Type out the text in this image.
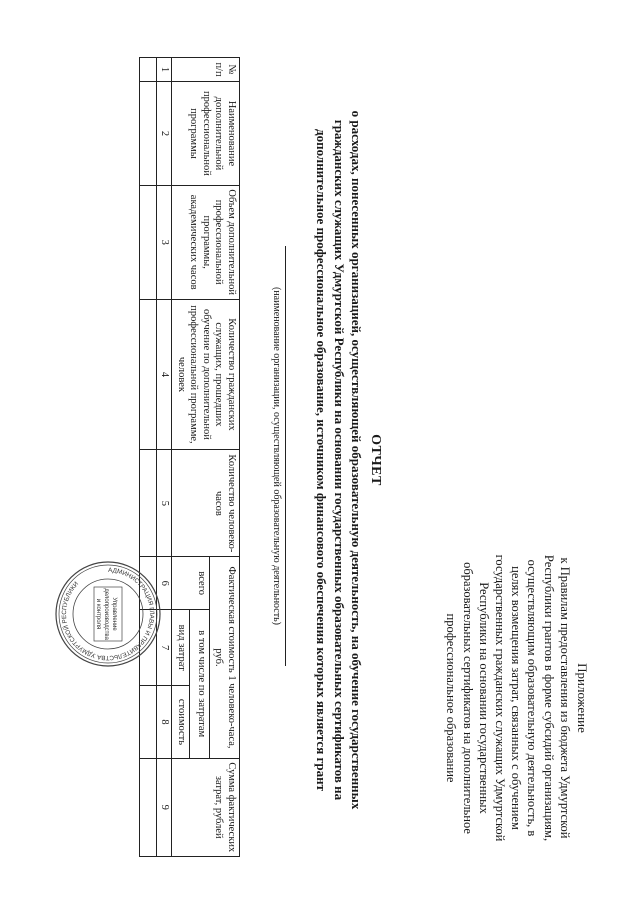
Приложение
к Правилам предоставления из бюджета Удмуртской Республики грантов в форме субсидий организациям, осуществляющим образовательную деятельность, в целях возмещения затрат, связанных с обучением государственных гражданских служащих Удмуртской Республики на основании государственных образовательных сертификатов на дополнительное профессиональное образование
ОТЧЕТ
о расходах, понесенных организацией, осуществляющей образовательную деятельность, на обучение государственных гражданских служащих Удмуртской Республики на основании государственных образовательных сертификатов на дополнительное профессиональное образование, источником финансового обеспечения которых является грант
(наименование организации, осуществляющей образовательную деятельность)
№ п/п	Наименование дополнительной профессиональной программы	Объем дополнительной профессиональной программы, академических часов	Количество гражданских служащих, прошедших обучение по дополнительной профессиональной программе, человек	Количество человеко-часов	Фактическая стоимость 1 человеко-часа, руб.			Сумма фактических затрат, рублей
					всего	в том числе по затратам		
						вид затрат	стоимость	
1	2	3	4	5	6	7	8	9

АДМИНИСТРАЦИЯ ГЛАВЫ И ПРАВИТЕЛЬСТВА УДМУРТСКОЙ РЕСПУБЛИКИ
Управление
делопроизводства
и контроля
